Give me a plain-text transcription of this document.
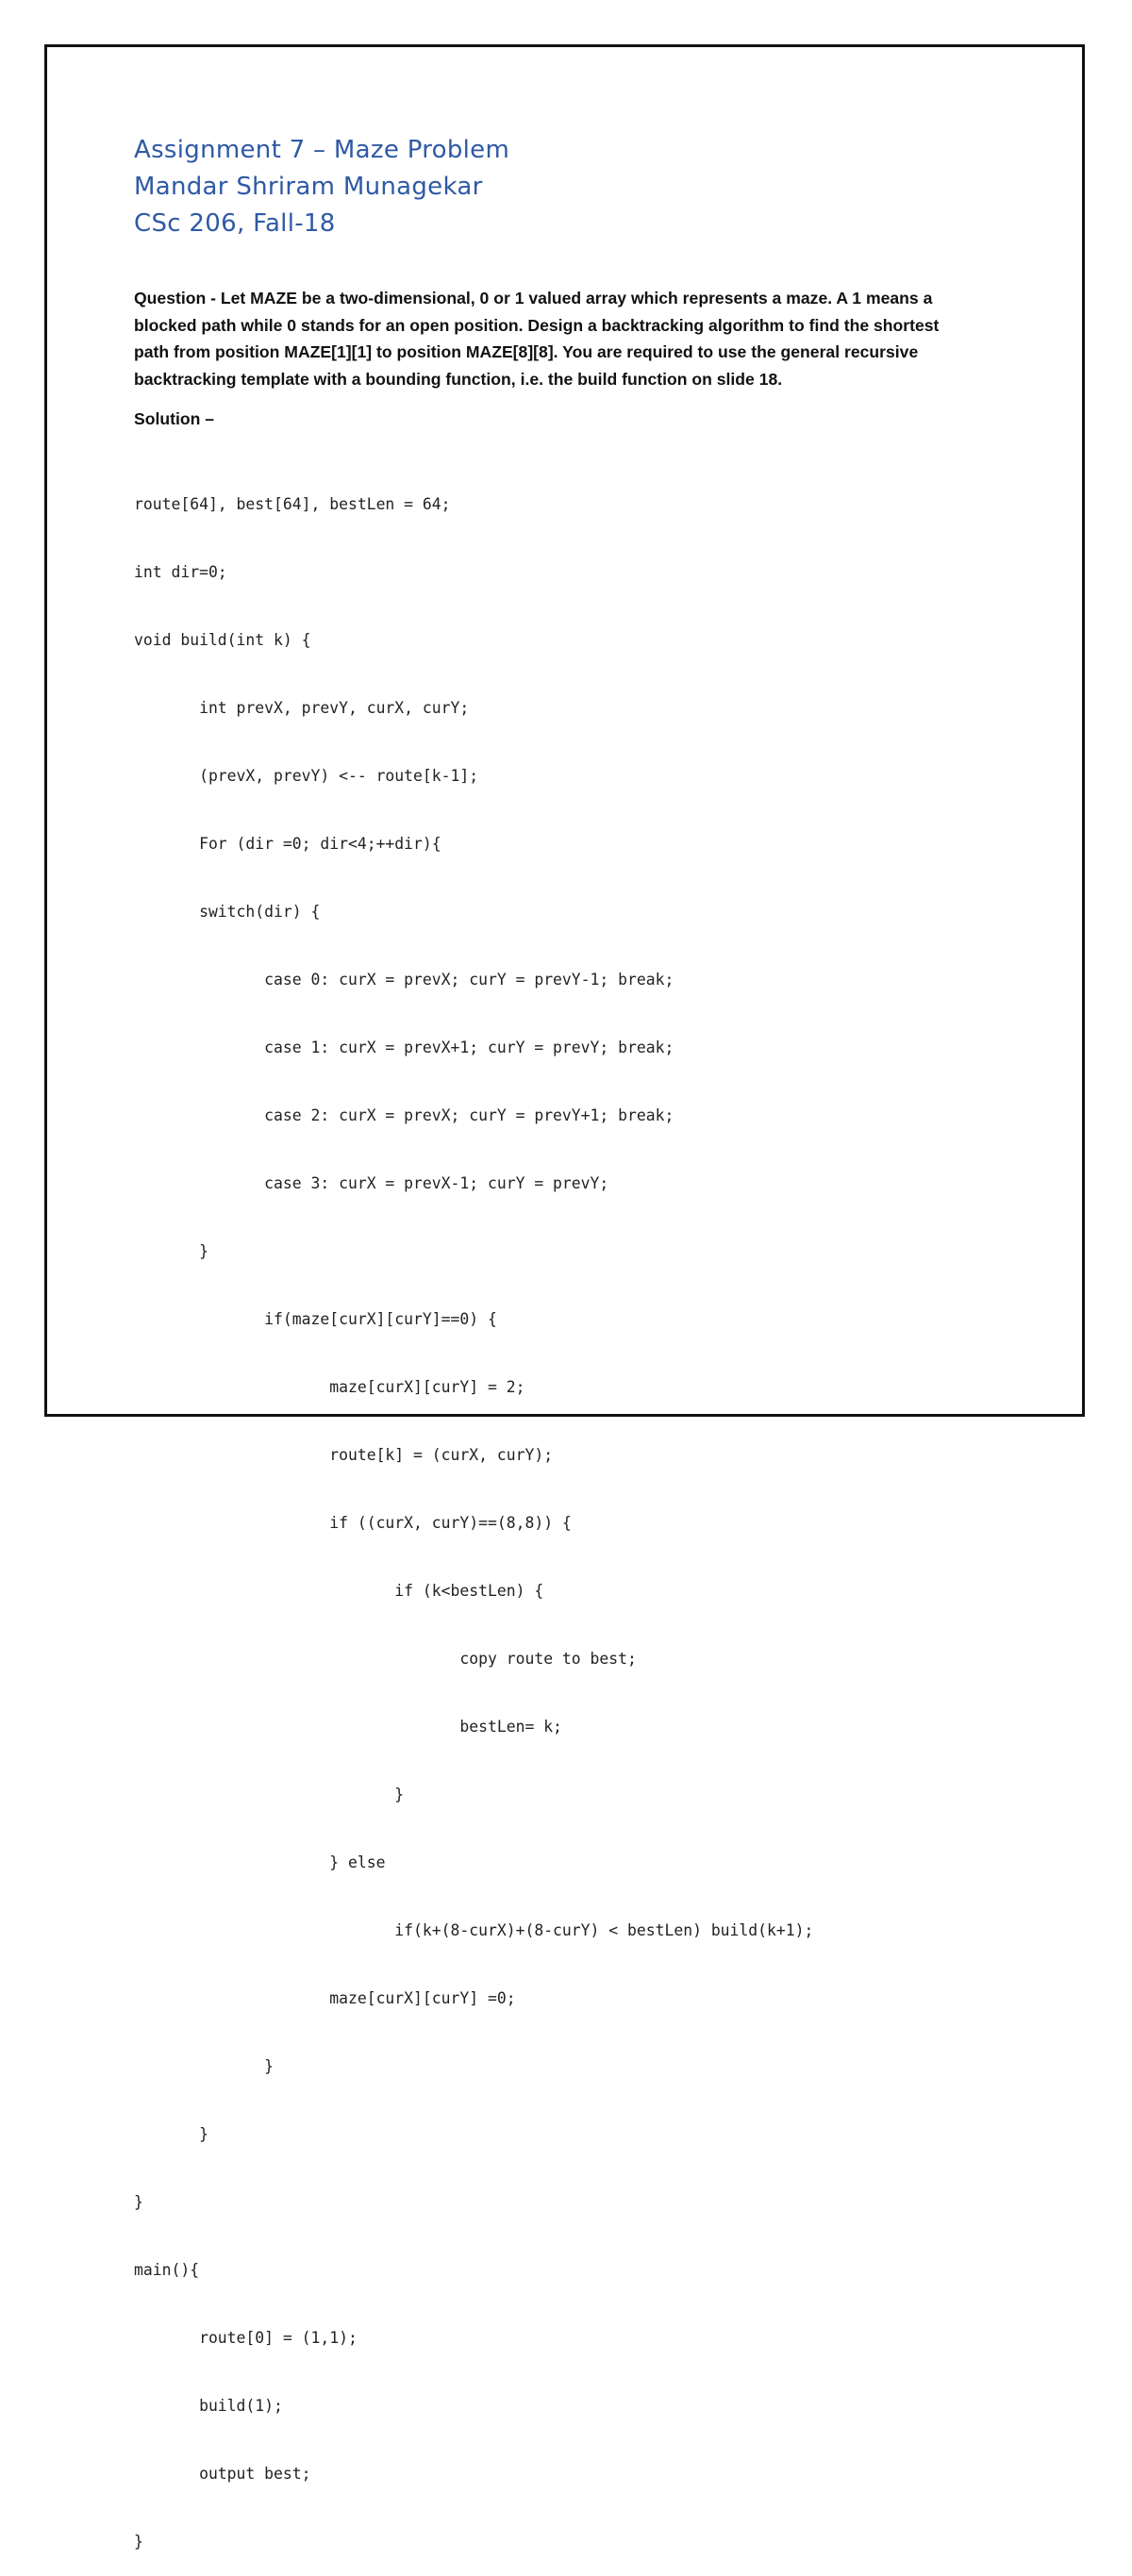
Assignment 7 – Maze Problem
Mandar Shriram Munagekar
CSc 206, Fall-18
Question - Let MAZE be a two-dimensional, 0 or 1 valued array which represents a maze. A 1 means a
blocked path while 0 stands for an open position. Design a backtracking algorithm to find the shortest
path from position MAZE[1][1] to position MAZE[8][8]. You are required to use the general recursive
backtracking template with a bounding function, i.e. the build function on slide 18.
Solution –

route[64], best[64], bestLen = 64;

int dir=0;

void build(int k) {

int prevX, prevY, curX, curY;

(prevX, prevY) <-- route[k-1];

For (dir =0; dir<4;++dir){

switch(dir) {

case 0: curX = prevX; curY = prevY-1; break;

case 1: curX = prevX+1; curY = prevY; break;

case 2: curX = prevX; curY = prevY+1; break;

case 3: curX = prevX-1; curY = prevY;

}

if(maze[curX][curY]==0) {

maze[curX][curY] = 2;

route[k] = (curX, curY);

if ((curX, curY)==(8,8)) {

if (k<bestLen) {

copy route to best;

bestLen= k;

}

} else

if(k+(8-curX)+(8-curY) < bestLen) build(k+1);

maze[curX][curY] =0;

}

}

}

main(){

route[0] = (1,1);

build(1);

output best;

}
